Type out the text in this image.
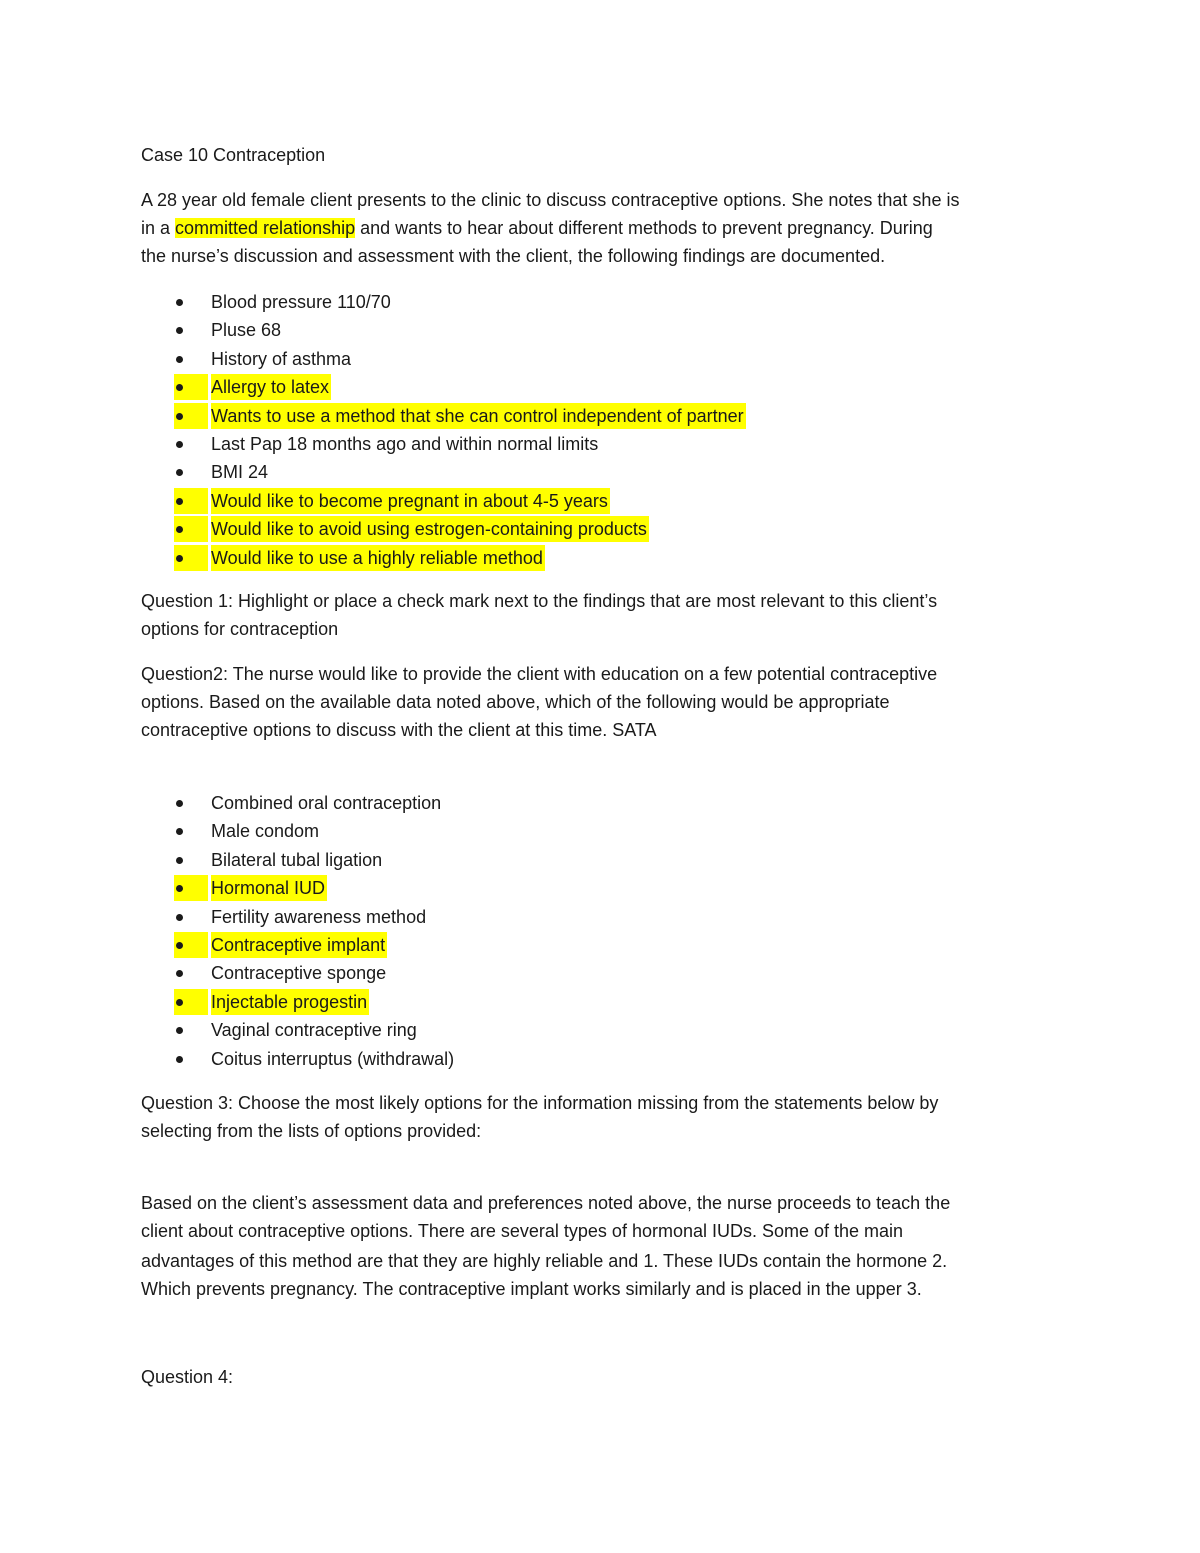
Case 10 Contraception
A 28 year old female client presents to the clinic to discuss contraceptive options. She notes that she is
in a committed relationship and wants to hear about different methods to prevent pregnancy. During
the nurse’s discussion and assessment with the client, the following findings are documented.
Blood pressure 110/70
Pluse 68
History of asthma
Allergy to latex
Wants to use a method that she can control independent of partner
Last Pap 18 months ago and within normal limits
BMI 24
Would like to become pregnant in about 4-5 years
Would like to avoid using estrogen-containing products
Would like to use a highly reliable method
Question 1: Highlight or place a check mark next to the findings that are most relevant to this client’s
options for contraception
Question2: The nurse would like to provide the client with education on a few potential contraceptive
options. Based on the available data noted above, which of the following would be appropriate
contraceptive options to discuss with the client at this time. SATA
Combined oral contraception
Male condom
Bilateral tubal ligation
Hormonal IUD
Fertility awareness method
Contraceptive implant
Contraceptive sponge
Injectable progestin
Vaginal contraceptive ring
Coitus interruptus (withdrawal)
Question 3: Choose the most likely options for the information missing from the statements below by
selecting from the lists of options provided:
Based on the client’s assessment data and preferences noted above, the nurse proceeds to teach the
client about contraceptive options. There are several types of hormonal IUDs. Some of the main
advantages of this method are that they are highly reliable and 1. These IUDs contain the hormone 2.
Which prevents pregnancy. The contraceptive implant works similarly and is placed in the upper 3.
Question 4:
